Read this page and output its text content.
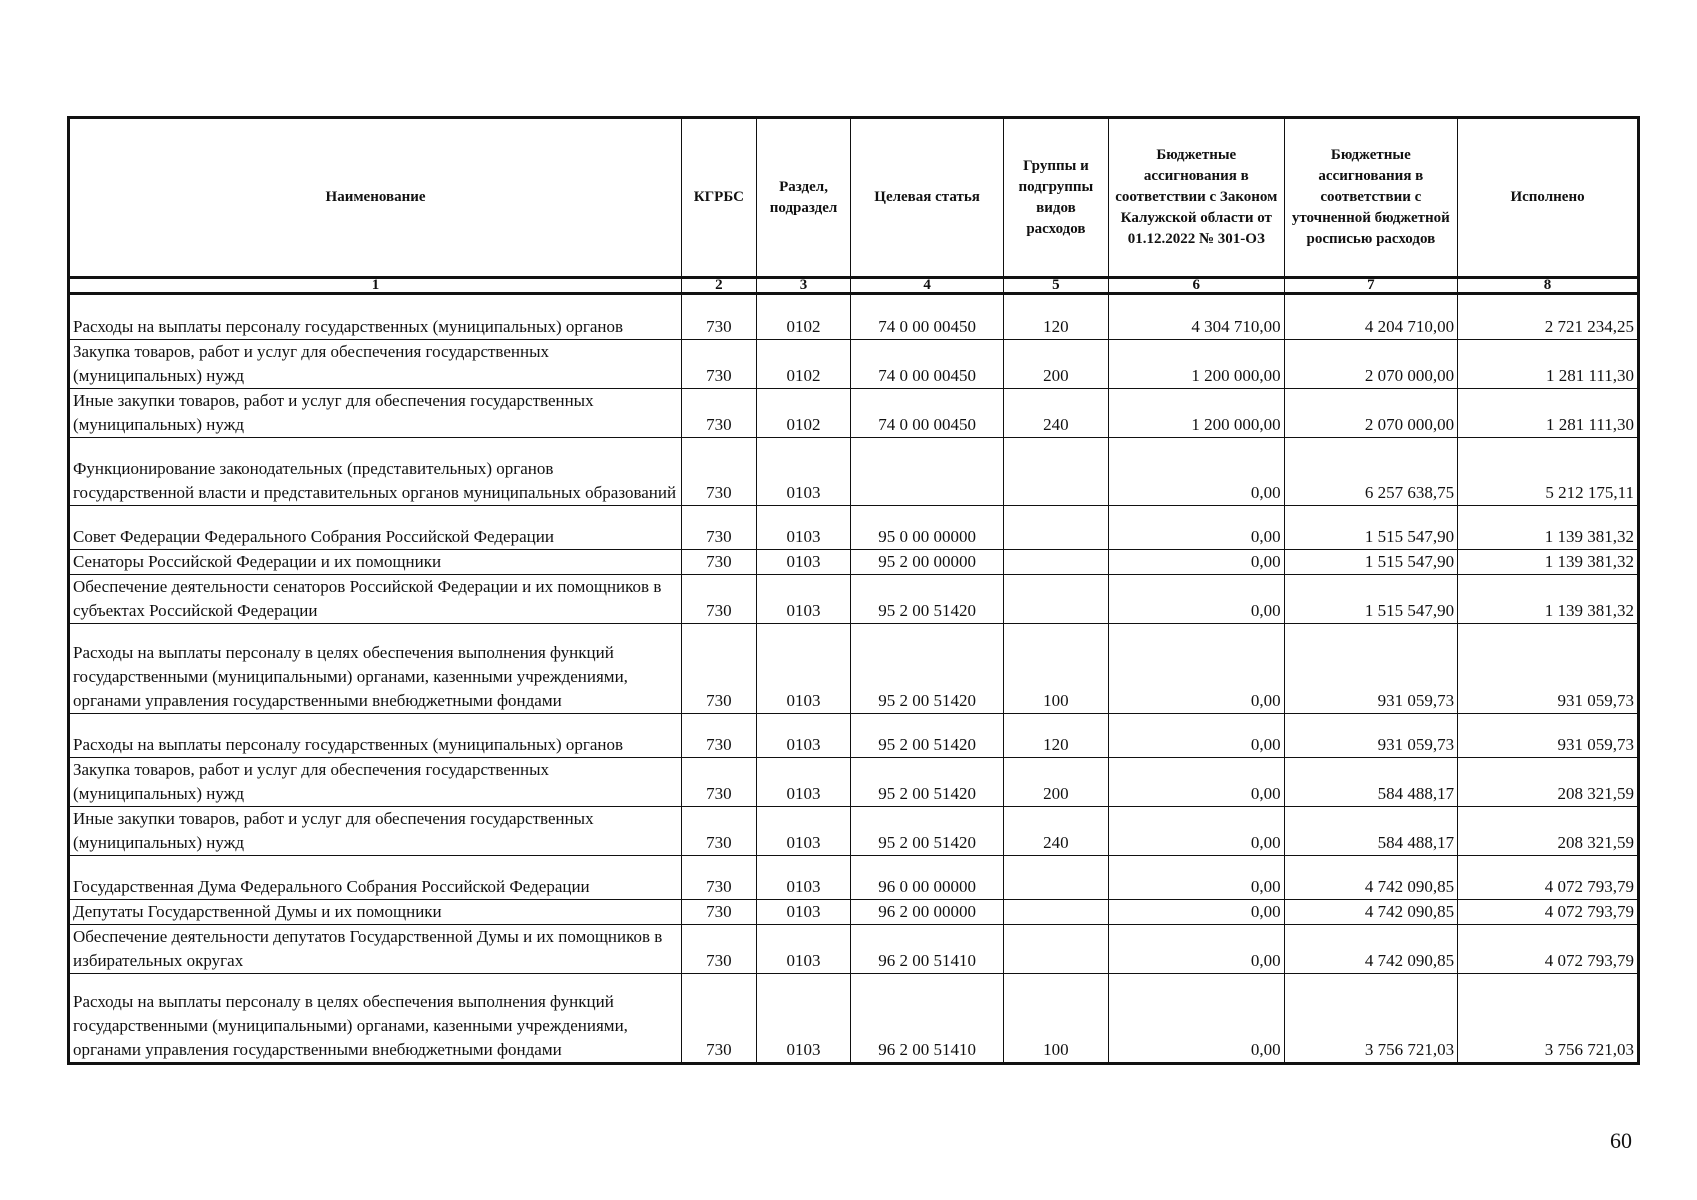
Наименование	КГРБС	Раздел, подраздел	Целевая статья	Группы и подгруппы видов расходов	Бюджетные ассигнования в соответствии с Законом Калужской области от 01.12.2022 № 301-ОЗ	Бюджетные ассигнования в соответствии с уточненной бюджетной росписью расходов	Исполнено
1	2	3	4	5	6	7	8
Расходы на выплаты персоналу государственных (муниципальных) органов	730	0102	74 0 00 00450	120	4 304 710,00	4 204 710,00	2 721 234,25
Закупка товаров, работ и услуг для обеспечения государственных (муниципальных) нужд	730	0102	74 0 00 00450	200	1 200 000,00	2 070 000,00	1 281 111,30
Иные закупки товаров, работ и услуг для обеспечения государственных (муниципальных) нужд	730	0102	74 0 00 00450	240	1 200 000,00	2 070 000,00	1 281 111,30
Функционирование законодательных (представительных) органов государственной власти и представительных органов муниципальных образований	730	0103			0,00	6 257 638,75	5 212 175,11
Совет Федерации Федерального Собрания Российской Федерации	730	0103	95 0 00 00000		0,00	1 515 547,90	1 139 381,32
Сенаторы Российской Федерации и их помощники	730	0103	95 2 00 00000		0,00	1 515 547,90	1 139 381,32
Обеспечение деятельности сенаторов Российской Федерации и их помощников в субъектах Российской Федерации	730	0103	95 2 00 51420		0,00	1 515 547,90	1 139 381,32
Расходы на выплаты персоналу в целях обеспечения выполнения функций государственными (муниципальными) органами, казенными учреждениями, органами управления государственными внебюджетными фондами	730	0103	95 2 00 51420	100	0,00	931 059,73	931 059,73
Расходы на выплаты персоналу государственных (муниципальных) органов	730	0103	95 2 00 51420	120	0,00	931 059,73	931 059,73
Закупка товаров, работ и услуг для обеспечения государственных (муниципальных) нужд	730	0103	95 2 00 51420	200	0,00	584 488,17	208 321,59
Иные закупки товаров, работ и услуг для обеспечения государственных (муниципальных) нужд	730	0103	95 2 00 51420	240	0,00	584 488,17	208 321,59
Государственная Дума Федерального Собрания Российской Федерации	730	0103	96 0 00 00000		0,00	4 742 090,85	4 072 793,79
Депутаты Государственной Думы и их помощники	730	0103	96 2 00 00000		0,00	4 742 090,85	4 072 793,79
Обеспечение деятельности депутатов Государственной Думы и их помощников в избирательных округах	730	0103	96 2 00 51410		0,00	4 742 090,85	4 072 793,79
Расходы на выплаты персоналу в целях обеспечения выполнения функций государственными (муниципальными) органами, казенными учреждениями, органами управления государственными внебюджетными фондами	730	0103	96 2 00 51410	100	0,00	3 756 721,03	3 756 721,03
60
